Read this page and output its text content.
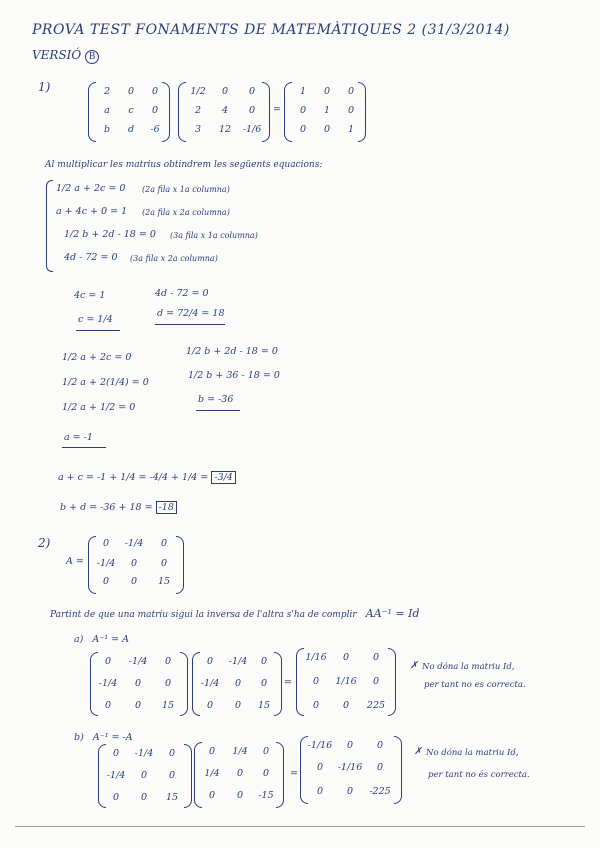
PROVA TEST FONAMENTS DE MATEMÀTIQUES 2 (31/3/2014)
VERSIÓ B
1)	2	0	0
a	c	0
b	d	-6
1/2	0	0
2	4	0
3	12	-1/6
=
1	0	0
0	1	0
0	0	1
Al multiplicar les matrius obtindrem les següents equacions:
1/2 a + 2c = 0 (2a fila x 1a columna)
a + 4c + 0 = 1 (2a fila x 2a columna)
1/2 b + 2d - 18 = 0 (3a fila x 1a columna)
4d - 72 = 0 (3a fila x 2a columna)
4c = 1
c = 1/4
4d - 72 = 0
d = 72/4 = 18
1/2 a + 2c = 0
1/2 a + 2(1/4) = 0
1/2 a + 1/2 = 0
a = -1
1/2 b + 2d - 18 = 0
1/2 b + 36 - 18 = 0
b = -36
a + c = -1 + 1/4 = -4/4 + 1/4 = -3/4
b + d = -36 + 18 = -18
2)
A =
0	-1/4	0
-1/4	0	0
0	0	15
Partint de que una matriu sigui la inversa de l'altra s'ha de complir AA⁻¹ = Id
a) A⁻¹ = A
0	-1/4	0
-1/4	0	0
0	0	15
0	-1/4	0
-1/4	0	0
0	0	15
=
1/16	0	0
0	1/16	0
0	0	225
✗ No dóna la matriu Id,
per tant no es correcta.
b) A⁻¹ = -A
0	-1/4	0
-1/4	0	0
0	0	15
0	1/4	0
1/4	0	0
0	0	-15
=
-1/16	0	0
0	-1/16	0
0	0	-225
✗ No dóna la matriu Id,
per tant no és correcta.
